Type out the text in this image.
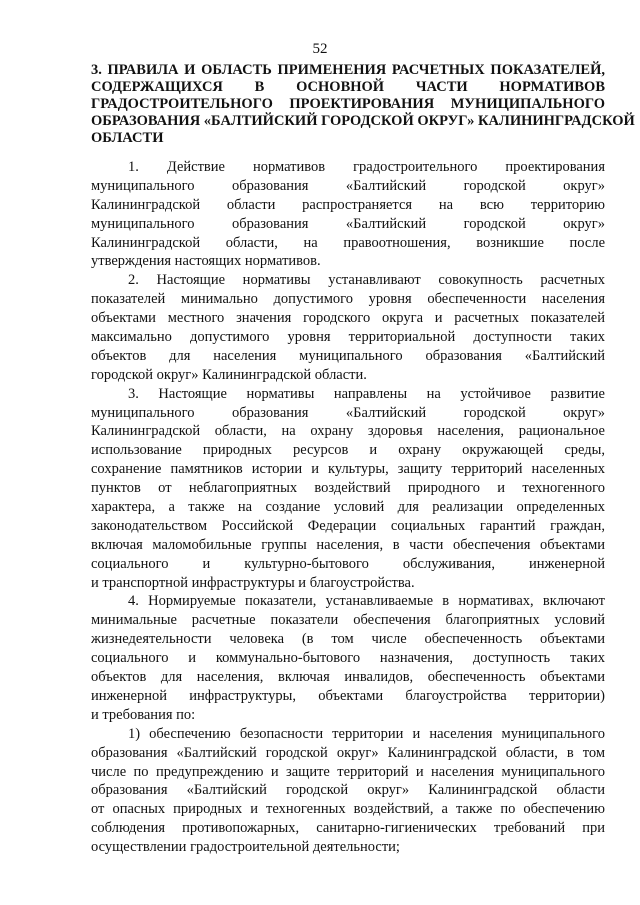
52
3. ПРАВИЛА И ОБЛАСТЬ ПРИМЕНЕНИЯ РАСЧЕТНЫХ ПОКАЗАТЕЛЕЙ,
СОДЕРЖАЩИХСЯ В ОСНОВНОЙ ЧАСТИ НОРМАТИВОВ
ГРАДОСТРОИТЕЛЬНОГО ПРОЕКТИРОВАНИЯ МУНИЦИПАЛЬНОГО
ОБРАЗОВАНИЯ «БАЛТИЙСКИЙ ГОРОДСКОЙ ОКРУГ» КАЛИНИНГРАДСКОЙ
ОБЛАСТИ
1. Действие нормативов градостроительного проектирования
муниципального образования «Балтийский городской округ»
Калининградской области распространяется на всю территорию
муниципального образования «Балтийский городской округ»
Калининградской области, на правоотношения, возникшие после
утверждения настоящих нормативов.
2. Настоящие нормативы устанавливают совокупность расчетных
показателей минимально допустимого уровня обеспеченности населения
объектами местного значения городского округа и расчетных показателей
максимально допустимого уровня территориальной доступности таких
объектов для населения муниципального образования «Балтийский
городской округ» Калининградской области.
3. Настоящие нормативы направлены на устойчивое развитие
муниципального образования «Балтийский городской округ»
Калининградской области, на охрану здоровья населения, рациональное
использование природных ресурсов и охрану окружающей среды,
сохранение памятников истории и культуры, защиту территорий населенных
пунктов от неблагоприятных воздействий природного и техногенного
характера, а также на создание условий для реализации определенных
законодательством Российской Федерации социальных гарантий граждан,
включая маломобильные группы населения, в части обеспечения объектами
социального и культурно-бытового обслуживания, инженерной
и транспортной инфраструктуры и благоустройства.
4. Нормируемые показатели, устанавливаемые в нормативах, включают
минимальные расчетные показатели обеспечения благоприятных условий
жизнедеятельности человека (в том числе обеспеченность объектами
социального и коммунально-бытового назначения, доступность таких
объектов для населения, включая инвалидов, обеспеченность объектами
инженерной инфраструктуры, объектами благоустройства территории)
и требования по:
1) обеспечению безопасности территории и населения муниципального
образования «Балтийский городской округ» Калининградской области, в том
числе по предупреждению и защите территорий и населения муниципального
образования «Балтийский городской округ» Калининградской области
от опасных природных и техногенных воздействий, а также по обеспечению
соблюдения противопожарных, санитарно-гигиенических требований при
осуществлении градостроительной деятельности;
